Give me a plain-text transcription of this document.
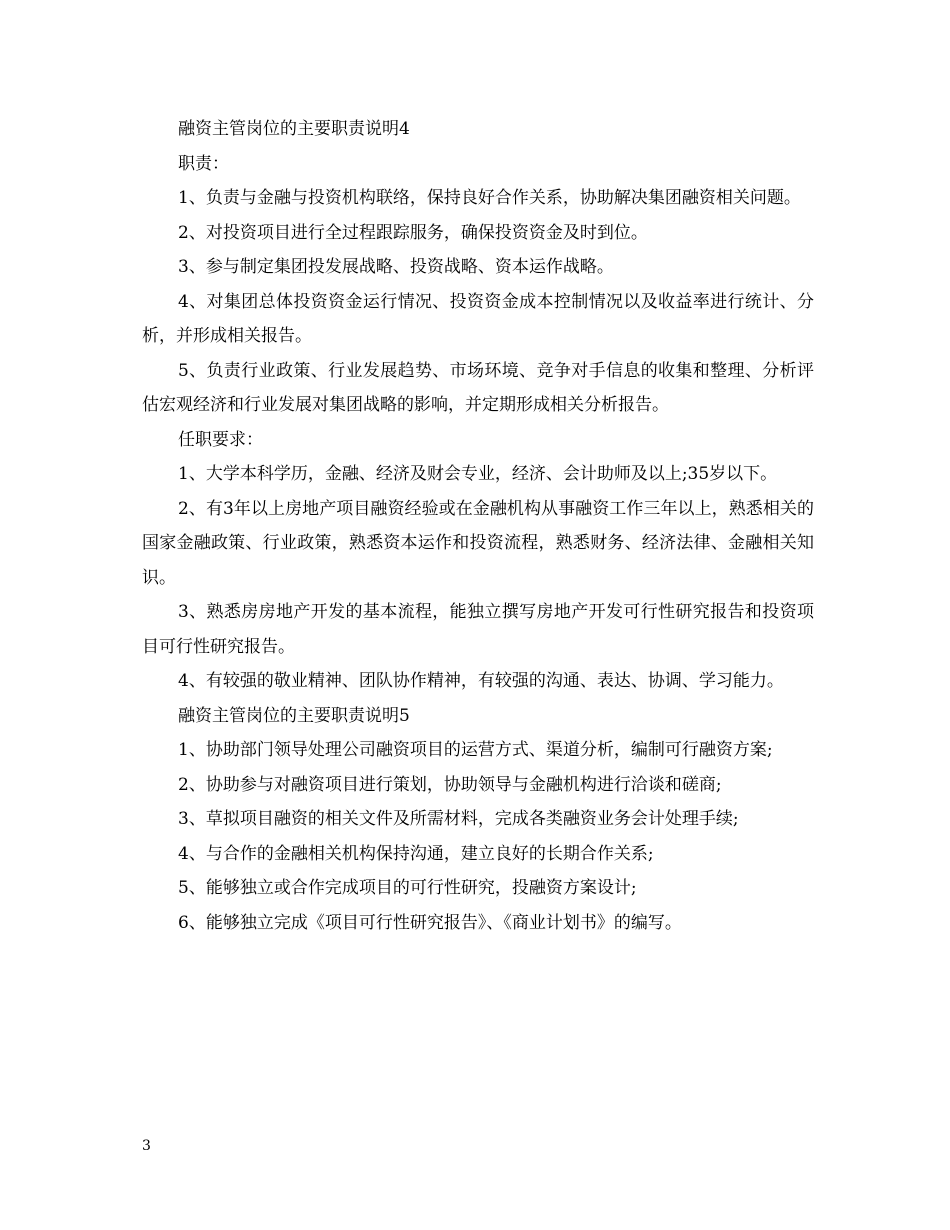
融资主管岗位的主要职责说明4

职责：

1、负责与金融与投资机构联络，保持良好合作关系，协助解决集团融资相关问题。

2、对投资项目进行全过程跟踪服务，确保投资资金及时到位。

3、参与制定集团投发展战略、投资战略、资本运作战略。

4、对集团总体投资资金运行情况、投资资金成本控制情况以及收益率进行统计、分析，并形成相关报告。

5、负责行业政策、行业发展趋势、市场环境、竞争对手信息的收集和整理、分析评估宏观经济和行业发展对集团战略的影响，并定期形成相关分析报告。

任职要求：

1、大学本科学历，金融、经济及财会专业，经济、会计助师及以上;35岁以下。

2、有3年以上房地产项目融资经验或在金融机构从事融资工作三年以上，熟悉相关的国家金融政策、行业政策，熟悉资本运作和投资流程，熟悉财务、经济法律、金融相关知识。

3、熟悉房房地产开发的基本流程，能独立撰写房地产开发可行性研究报告和投资项目可行性研究报告。

4、有较强的敬业精神、团队协作精神，有较强的沟通、表达、协调、学习能力。

融资主管岗位的主要职责说明5

1、协助部门领导处理公司融资项目的运营方式、渠道分析，编制可行融资方案;

2、协助参与对融资项目进行策划，协助领导与金融机构进行洽谈和磋商;

3、草拟项目融资的相关文件及所需材料，完成各类融资业务会计处理手续;

4、与合作的金融相关机构保持沟通，建立良好的长期合作关系;

5、能够独立或合作完成项目的可行性研究，投融资方案设计;

6、能够独立完成《项目可行性研究报告》、《商业计划书》的编写。

3
